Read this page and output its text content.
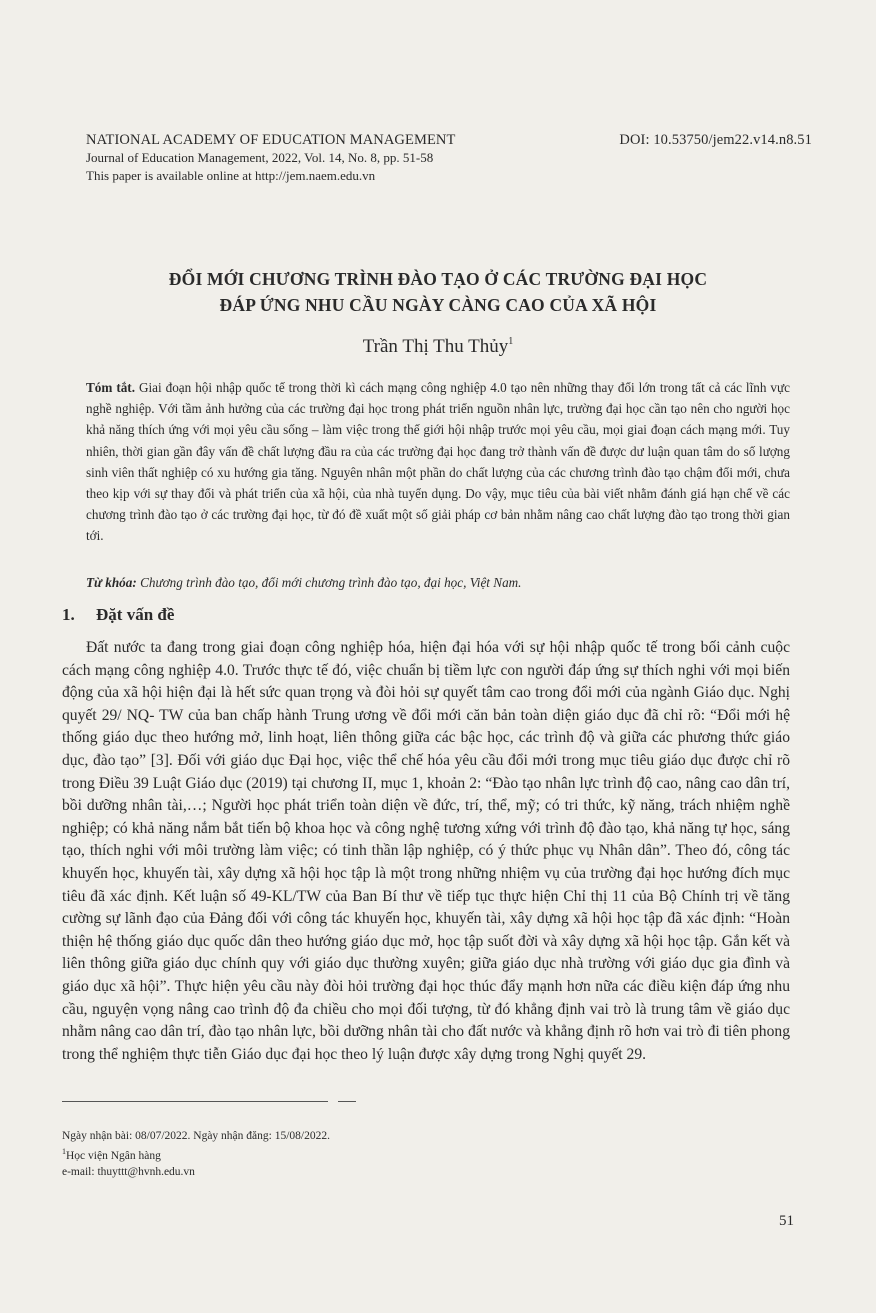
NATIONAL ACADEMY OF EDUCATION MANAGEMENT	DOI: 10.53750/jem22.v14.n8.51
Journal of Education Management, 2022, Vol. 14, No. 8, pp. 51-58
This paper is available online at http://jem.naem.edu.vn
ĐỔI MỚI CHƯƠNG TRÌNH ĐÀO TẠO Ở CÁC TRƯỜNG ĐẠI HỌC
ĐÁP ỨNG NHU CẦU NGÀY CÀNG CAO CỦA XÃ HỘI
Trần Thị Thu Thủy$^1$
Tóm tắt. Giai đoạn hội nhập quốc tế trong thời kì cách mạng công nghiệp 4.0 tạo nên những thay đổi lớn trong tất cả các lĩnh vực nghề nghiệp. Với tầm ảnh hưởng của các trường đại học trong phát triển nguồn nhân lực, trường đại học cần tạo nên cho người học khả năng thích ứng với mọi yêu cầu sống – làm việc trong thế giới hội nhập trước mọi yêu cầu, mọi giai đoạn cách mạng mới. Tuy nhiên, thời gian gần đây vấn đề chất lượng đầu ra của các trường đại học đang trở thành vấn đề được dư luận quan tâm do số lượng sinh viên thất nghiệp có xu hướng gia tăng. Nguyên nhân một phần do chất lượng của các chương trình đào tạo chậm đổi mới, chưa theo kịp với sự thay đổi và phát triển của xã hội, của nhà tuyển dụng. Do vậy, mục tiêu của bài viết nhằm đánh giá hạn chế về các chương trình đào tạo ở các trường đại học, từ đó đề xuất một số giải pháp cơ bản nhằm nâng cao chất lượng đào tạo trong thời gian tới.
Từ khóa: Chương trình đào tạo, đổi mới chương trình đào tạo, đại học, Việt Nam.
1. Đặt vấn đề

Đất nước ta đang trong giai đoạn công nghiệp hóa, hiện đại hóa với sự hội nhập quốc tế trong bối cảnh cuộc cách mạng công nghiệp 4.0. Trước thực tế đó, việc chuẩn bị tiềm lực con người đáp ứng sự thích nghi với mọi biến động của xã hội hiện đại là hết sức quan trọng và đòi hỏi sự quyết tâm cao trong đổi mới của ngành Giáo dục. Nghị quyết 29/ NQ- TW của ban chấp hành Trung ương về đổi mới căn bản toàn diện giáo dục đã chỉ rõ: “Đổi mới hệ thống giáo dục theo hướng mở, linh hoạt, liên thông giữa các bậc học, các trình độ và giữa các phương thức giáo dục, đào tạo” [3]. Đối với giáo dục Đại học, việc thể chế hóa yêu cầu đổi mới trong mục tiêu giáo dục được chỉ rõ trong Điều 39 Luật Giáo dục (2019) tại chương II, mục 1, khoản 2: “Đào tạo nhân lực trình độ cao, nâng cao dân trí, bồi dưỡng nhân tài,…; Người học phát triển toàn diện về đức, trí, thể, mỹ; có tri thức, kỹ năng, trách nhiệm nghề nghiệp; có khả năng nắm bắt tiến bộ khoa học và công nghệ tương xứng với trình độ đào tạo, khả năng tự học, sáng tạo, thích nghi với môi trường làm việc; có tinh thần lập nghiệp, có ý thức phục vụ Nhân dân”. Theo đó, công tác khuyến học, khuyến tài, xây dựng xã hội học tập là một trong những nhiệm vụ của trường đại học hướng đích mục tiêu đã xác định. Kết luận số 49-KL/TW của Ban Bí thư về tiếp tục thực hiện Chỉ thị 11 của Bộ Chính trị về tăng cường sự lãnh đạo của Đảng đối với công tác khuyến học, khuyến tài, xây dựng xã hội học tập đã xác định: “Hoàn thiện hệ thống giáo dục quốc dân theo hướng giáo dục mở, học tập suốt đời và xây dựng xã hội học tập. Gắn kết và liên thông giữa giáo dục chính quy với giáo dục thường xuyên; giữa giáo dục nhà trường với giáo dục gia đình và giáo dục xã hội”. Thực hiện yêu cầu này đòi hỏi trường đại học thúc đẩy mạnh hơn nữa các điều kiện đáp ứng nhu cầu, nguyện vọng nâng cao trình độ đa chiều cho mọi đối tượng, từ đó khẳng định vai trò là trung tâm về giáo dục nhằm nâng cao dân trí, đào tạo nhân lực, bồi dưỡng nhân tài cho đất nước và khẳng định rõ hơn vai trò đi tiên phong trong thể nghiệm thực tiễn Giáo dục đại học theo lý luận được xây dựng trong Nghị quyết 29.

Ngày nhận bài: 08/07/2022. Ngày nhận đăng: 15/08/2022.
$^1$Học viện Ngân hàng
e-mail: thuyttt@hvnh.edu.vn
51
